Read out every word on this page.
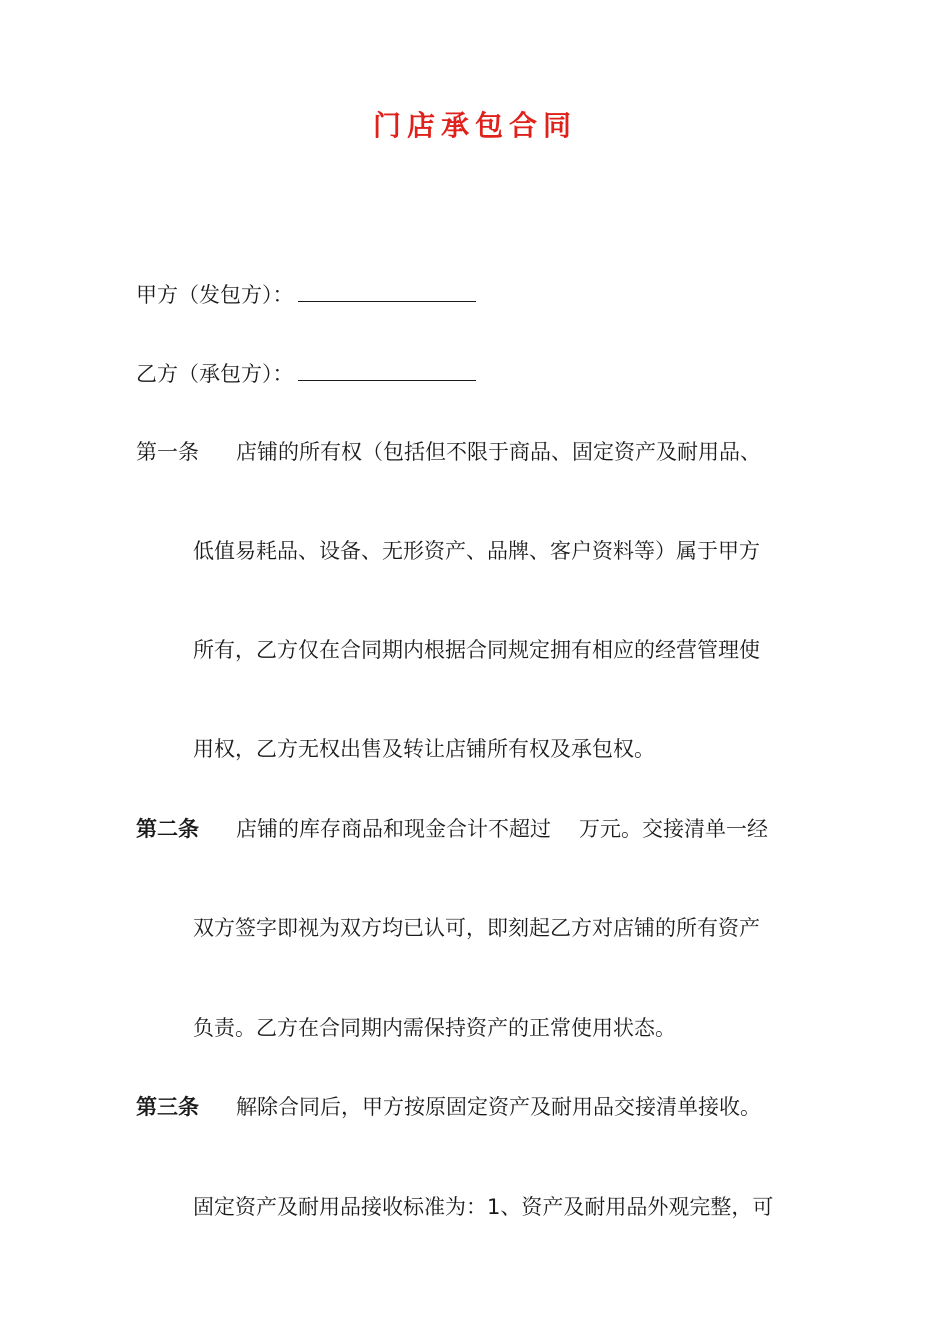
门店承包合同
甲方（发包方）：
乙方（承包方）：
第一条 店铺的所有权（包括但不限于商品、固定资产及耐用品、
低值易耗品、设备、无形资产、品牌、客户资料等）属于甲方
所有，乙方仅在合同期内根据合同规定拥有相应的经营管理使
用权，乙方无权出售及转让店铺所有权及承包权。
第二条 店铺的库存商品和现金合计不超过 万元。交接清单一经
双方签字即视为双方均已认可，即刻起乙方对店铺的所有资产
负责。乙方在合同期内需保持资产的正常使用状态。
第三条 解除合同后，甲方按原固定资产及耐用品交接清单接收。
固定资产及耐用品接收标准为：1、资产及耐用品外观完整，可
